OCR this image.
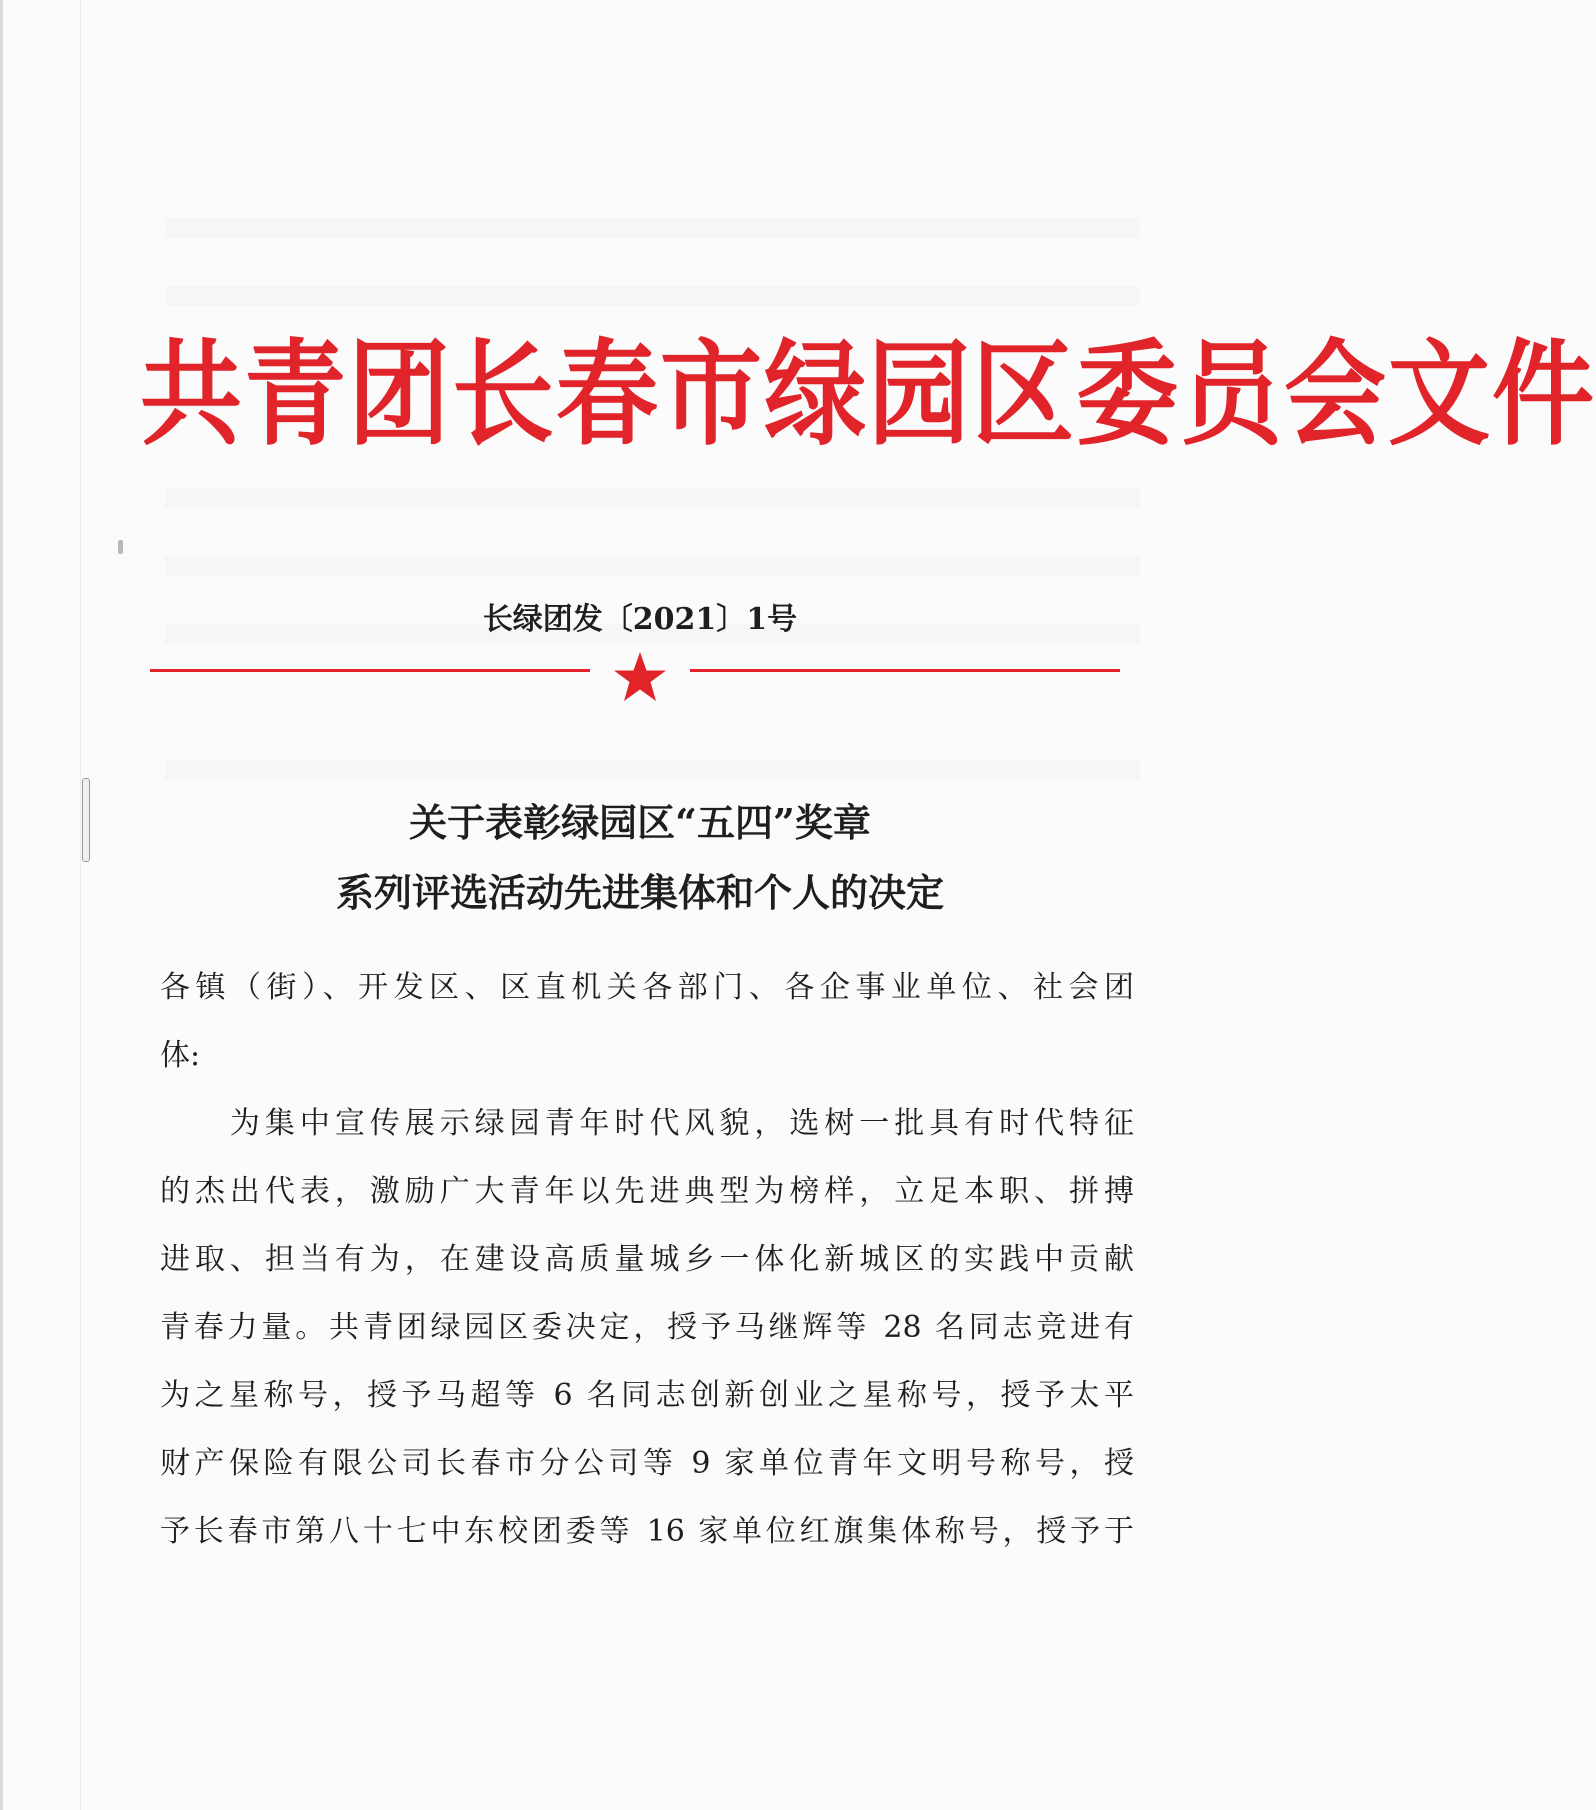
共青团长春市绿园区委员会文件
长绿团发〔2021〕1号
关于表彰绿园区“五四”奖章
系列评选活动先进集体和个人的决定
各镇（街）、开发区、区直机关各部门、各企事业单位、社会团
体:
　　为集中宣传展示绿园青年时代风貌，选树一批具有时代特征
的杰出代表，激励广大青年以先进典型为榜样，立足本职、拼搏
进取、担当有为，在建设高质量城乡一体化新城区的实践中贡献
青春力量。共青团绿园区委决定，授予马继辉等 28 名同志竞进有
为之星称号，授予马超等 6 名同志创新创业之星称号，授予太平
财产保险有限公司长春市分公司等 9 家单位青年文明号称号，授
予长春市第八十七中东校团委等 16 家单位红旗集体称号，授予于
